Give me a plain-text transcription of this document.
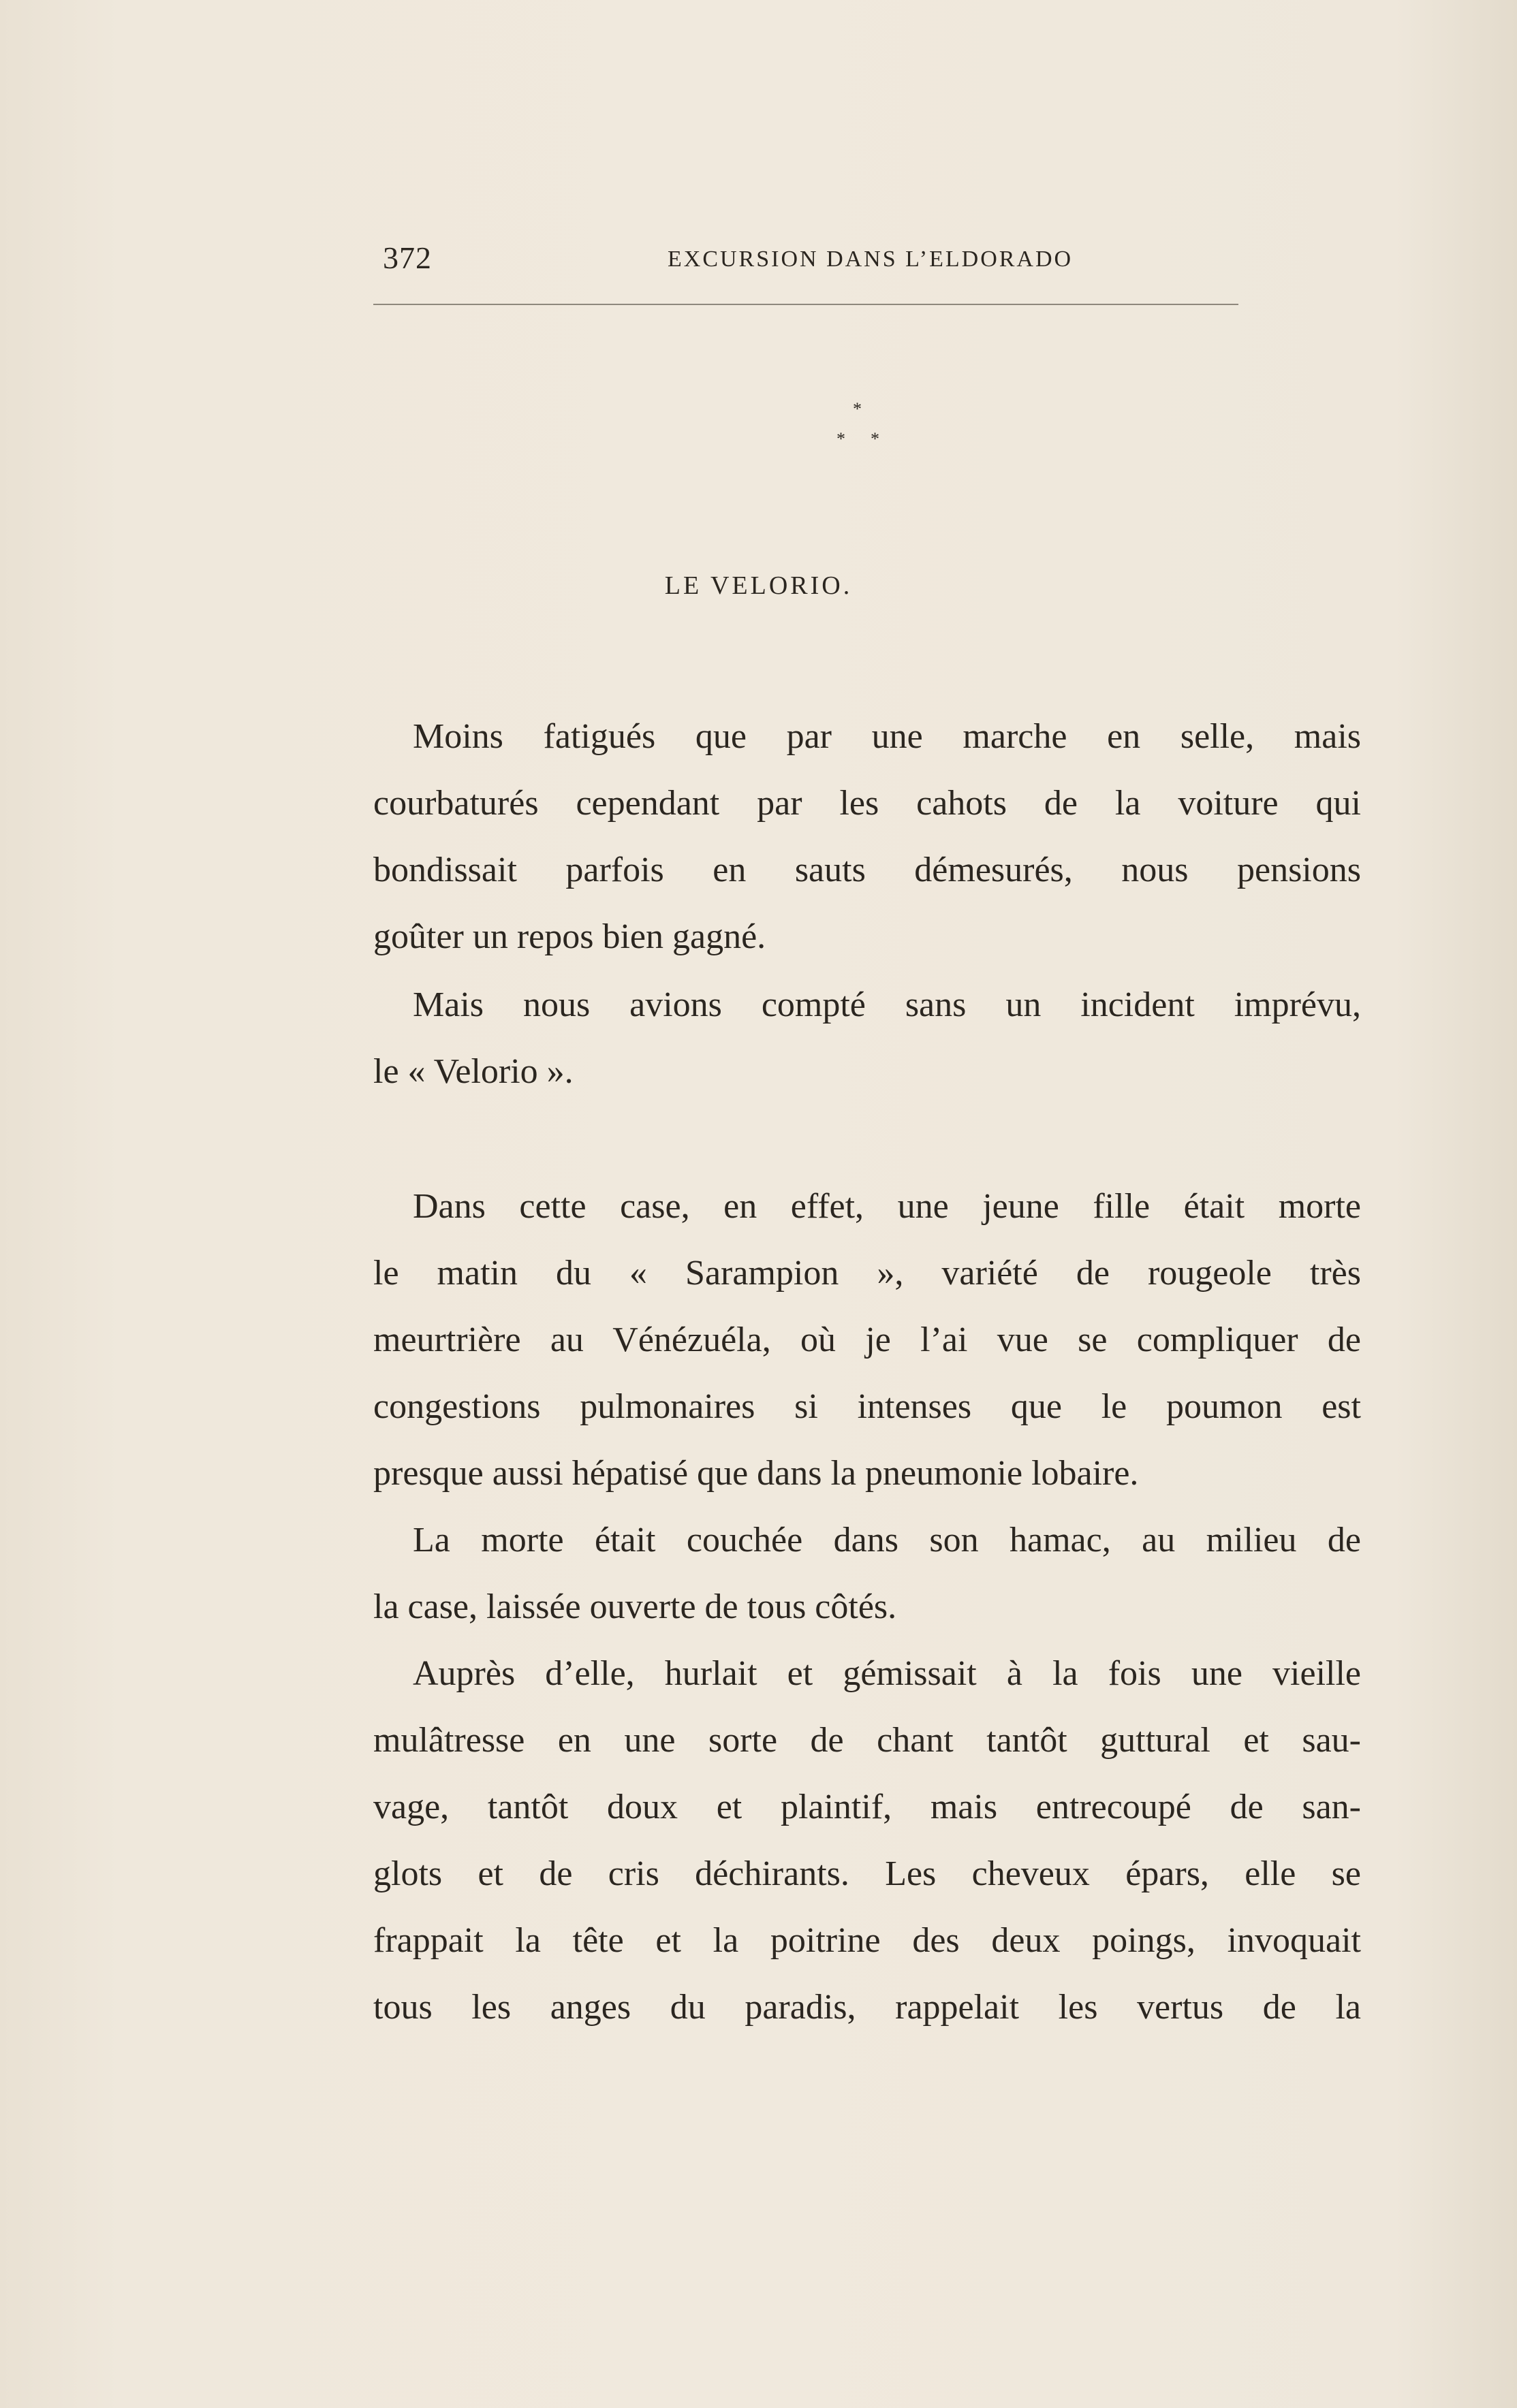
372	EXCURSION DANS L’ELDORADO
*
* *
LE VELORIO.
Moins fatigués que par une marche en selle, mais
courbaturés cependant par les cahots de la voiture qui
bondissait parfois en sauts démesurés, nous pensions
goûter un repos bien gagné.
Mais nous avions compté sans un incident imprévu,
le « Velorio ».
Dans cette case, en effet, une jeune fille était morte
le matin du « Sarampion », variété de rougeole très
meurtrière au Vénézuéla, où je l’ai vue se compliquer de
congestions pulmonaires si intenses que le poumon est
presque aussi hépatisé que dans la pneumonie lobaire.
La morte était couchée dans son hamac, au milieu de
la case, laissée ouverte de tous côtés.
Auprès d’elle, hurlait et gémissait à la fois une vieille
mulâtresse en une sorte de chant tantôt guttural et sau-
vage, tantôt doux et plaintif, mais entrecoupé de san-
glots et de cris déchirants. Les cheveux épars, elle se
frappait la tête et la poitrine des deux poings, invoquait
tous les anges du paradis, rappelait les vertus de la
